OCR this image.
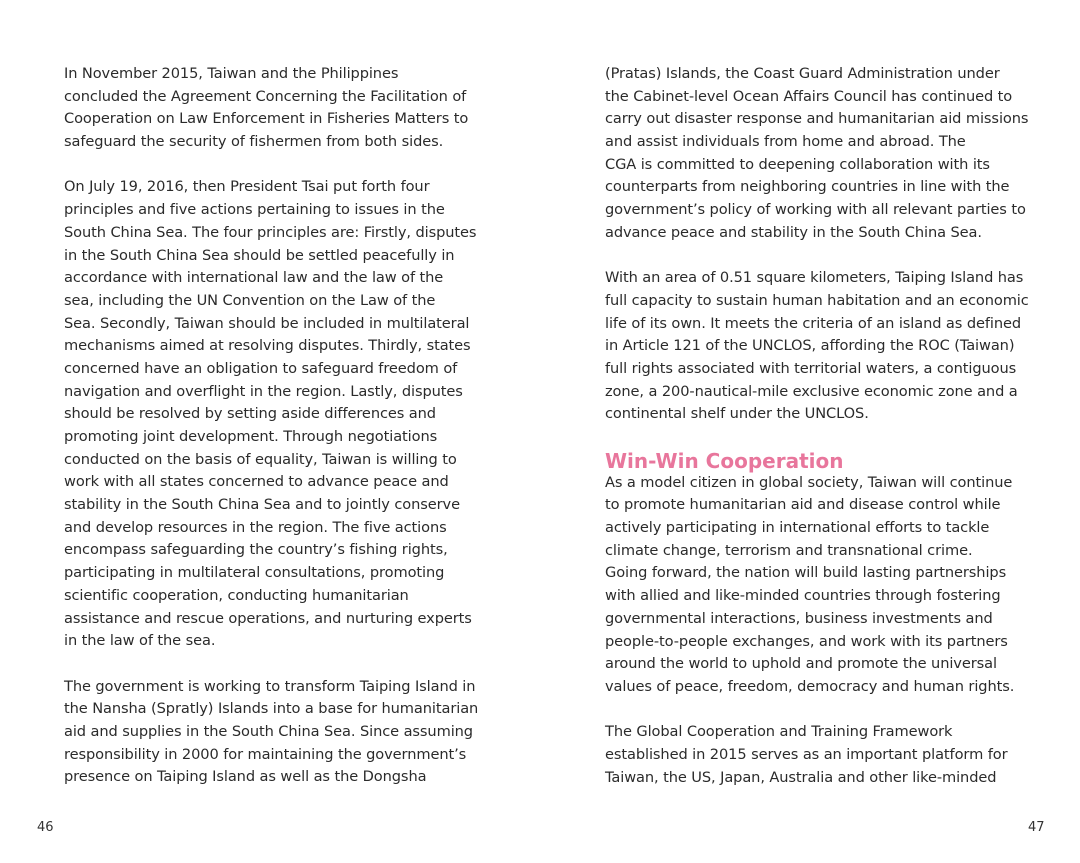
In November 2015, Taiwan and the Philippines
concluded the Agreement Concerning the Facilitation of
Cooperation on Law Enforcement in Fisheries Matters to
safeguard the security of fishermen from both sides.
On July 19, 2016, then President Tsai put forth four
principles and five actions pertaining to issues in the
South China Sea. The four principles are: Firstly, disputes
in the South China Sea should be settled peacefully in
accordance with international law and the law of the
sea, including the UN Convention on the Law of the
Sea. Secondly, Taiwan should be included in multilateral
mechanisms aimed at resolving disputes. Thirdly, states
concerned have an obligation to safeguard freedom of
navigation and overflight in the region. Lastly, disputes
should be resolved by setting aside differences and
promoting joint development. Through negotiations
conducted on the basis of equality, Taiwan is willing to
work with all states concerned to advance peace and
stability in the South China Sea and to jointly conserve
and develop resources in the region. The five actions
encompass safeguarding the country’s fishing rights,
participating in multilateral consultations, promoting
scientific cooperation, conducting humanitarian
assistance and rescue operations, and nurturing experts
in the law of the sea.
The government is working to transform Taiping Island in
the Nansha (Spratly) Islands into a base for humanitarian
aid and supplies in the South China Sea. Since assuming
responsibility in 2000 for maintaining the government’s
presence on Taiping Island as well as the Dongsha
46
(Pratas) Islands, the Coast Guard Administration under
the Cabinet-level Ocean Affairs Council has continued to
carry out disaster response and humanitarian aid missions
and assist individuals from home and abroad. The
CGA is committed to deepening collaboration with its
counterparts from neighboring countries in line with the
government’s policy of working with all relevant parties to
advance peace and stability in the South China Sea.
With an area of 0.51 square kilometers, Taiping Island has
full capacity to sustain human habitation and an economic
life of its own. It meets the criteria of an island as defined
in Article 121 of the UNCLOS, affording the ROC (Taiwan)
full rights associated with territorial waters, a contiguous
zone, a 200-nautical-mile exclusive economic zone and a
continental shelf under the UNCLOS.
Win-Win Cooperation
As a model citizen in global society, Taiwan will continue
to promote humanitarian aid and disease control while
actively participating in international efforts to tackle
climate change, terrorism and transnational crime.
Going forward, the nation will build lasting partnerships
with allied and like-minded countries through fostering
governmental interactions, business investments and
people-to-people exchanges, and work with its partners
around the world to uphold and promote the universal
values of peace, freedom, democracy and human rights.
The Global Cooperation and Training Framework
established in 2015 serves as an important platform for
Taiwan, the US, Japan, Australia and other like-minded
47
